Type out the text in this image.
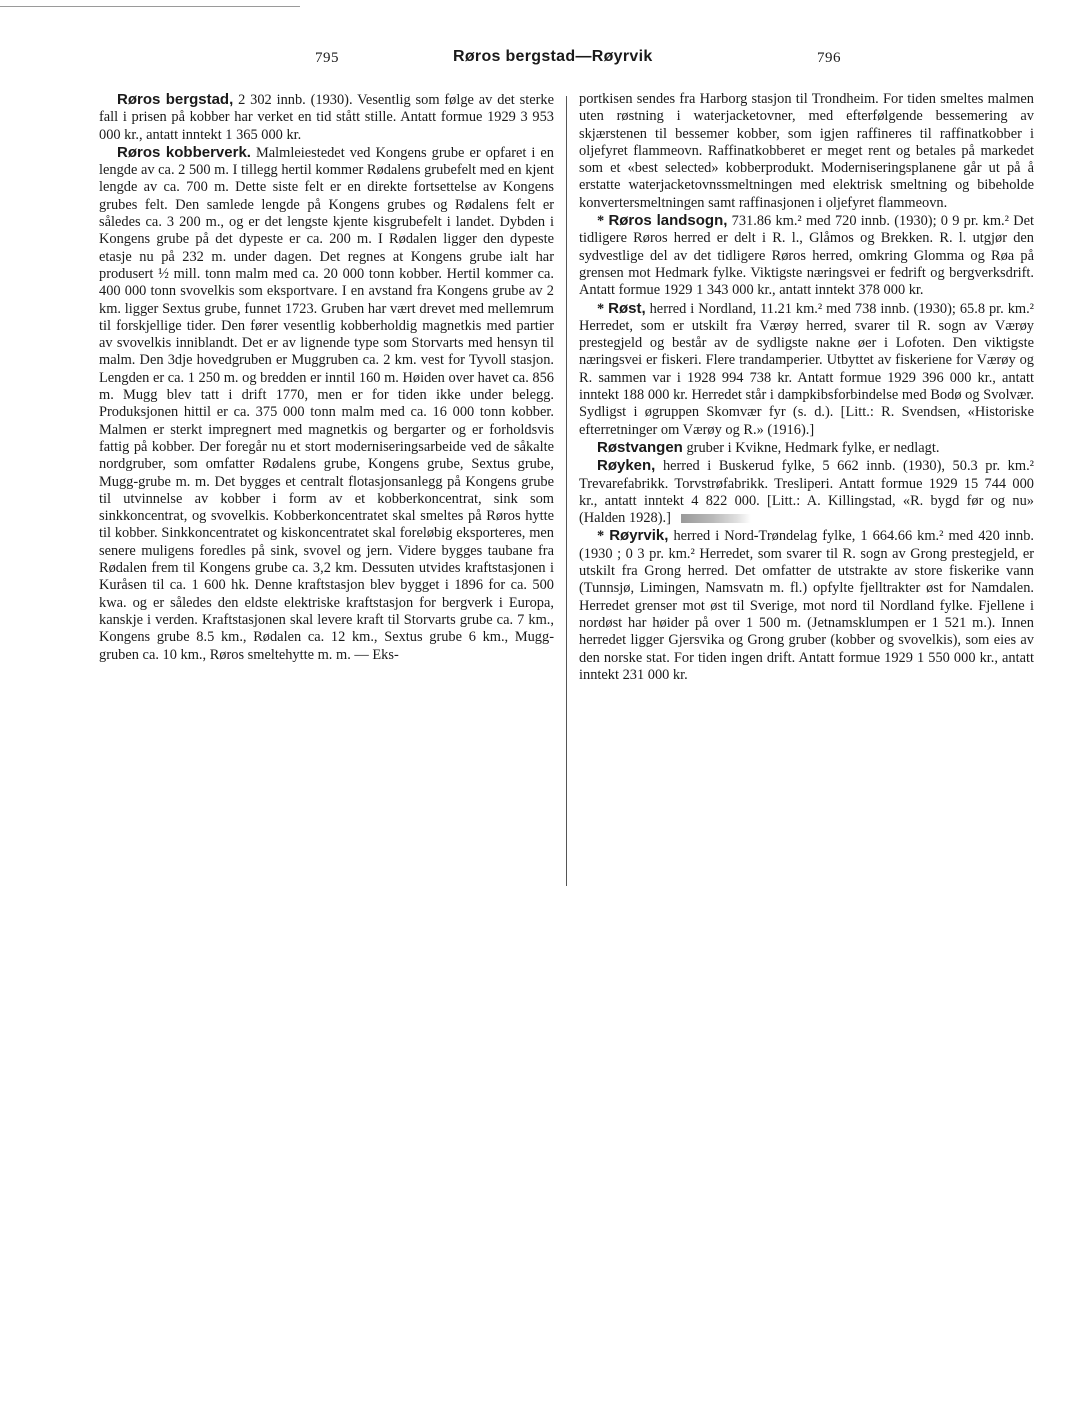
795	Røros bergstad—Røyrvik	796

Røros bergstad, 2 302 innb. (1930). Vesentlig som følge av det sterke fall i prisen på kobber har verket en tid stått stille. Antatt formue 1929 3 953 000 kr., antatt inntekt 1 365 000 kr.

Røros kobberverk. Malmleiestedet ved Kongens grube er opfaret i en lengde av ca. 2 500 m. I tillegg hertil kommer Rødalens grubefelt med en kjent lengde av ca. 700 m. Dette siste felt er en direkte fortsettelse av Kongens grubes felt. Den samlede lengde på Kongens grubes og Rødalens felt er således ca. 3 200 m., og er det lengste kjente kisgrubefelt i landet. Dybden i Kongens grube på det dypeste er ca. 200 m. I Rødalen ligger den dypeste etasje nu på 232 m. under dagen. Det regnes at Kongens grube ialt har produsert ½ mill. tonn malm med ca. 20 000 tonn kobber. Hertil kommer ca. 400 000 tonn svovelkis som eksportvare. I en avstand fra Kongens grube av 2 km. ligger Sextus grube, funnet 1723. Gruben har vært drevet med mellemrum til forskjellige tider. Den fører vesentlig kobberholdig magnetkis med partier av svovelkis inniblandt. Det er av lignende type som Storvarts med hensyn til malm. Den 3dje hovedgruben er Muggruben ca. 2 km. vest for Tyvoll stasjon. Lengden er ca. 1 250 m. og bredden er inntil 160 m. Høiden over havet ca. 856 m. Mugg blev tatt i drift 1770, men er for tiden ikke under belegg. Produksjonen hittil er ca. 375 000 tonn malm med ca. 16 000 tonn kobber. Malmen er sterkt impregnert med magnetkis og bergarter og er forholdsvis fattig på kobber. Der foregår nu et stort moderniseringsarbeide ved de såkalte nordgruber, som omfatter Rødalens grube, Kongens grube, Sextus grube, Mugg-grube m. m. Det bygges et centralt flotasjonsanlegg på Kongens grube til utvinnelse av kobber i form av et kobberkoncentrat, sink som sinkkoncentrat, og svovelkis. Kobberkoncentratet skal smeltes på Røros hytte til kobber. Sinkkoncentratet og kiskoncentratet skal foreløbig eksporteres, men senere muligens foredles på sink, svovel og jern. Videre bygges taubane fra Rødalen frem til Kongens grube ca. 3,2 km. Dessuten utvides kraftstasjonen i Kuråsen til ca. 1 600 hk. Denne kraftstasjon blev bygget i 1896 for ca. 500 kwa. og er således den eldste elektriske kraftstasjon for bergverk i Europa, kanskje i verden. Kraftstasjonen skal levere kraft til Storvarts grube ca. 7 km., Kongens grube 8.5 km., Rødalen ca. 12 km., Sextus grube 6 km., Mugg-gruben ca. 10 km., Røros smeltehytte m. m. — Eks-

portkisen sendes fra Harborg stasjon til Trondheim. For tiden smeltes malmen uten røstning i waterjacketovner, med efterfølgende bessemering av skjærstenen til bessemer kobber, som igjen raffineres til raffinatkobber i oljefyret flammeovn. Raffinatkobberet er meget rent og betales på markedet som et «best selected» kobberprodukt. Moderniseringsplanene går ut på å erstatte waterjacketovnssmeltningen med elektrisk smeltning og bibeholde konvertersmeltningen samt raffinasjonen i oljefyret flammeovn.

* Røros landsogn, 731.86 km.² med 720 innb. (1930); 0 9 pr. km.² Det tidligere Røros herred er delt i R. l., Glåmos og Brekken. R. l. utgjør den sydvestlige del av det tidligere Røros herred, omkring Glomma og Røa på grensen mot Hedmark fylke. Viktigste næringsvei er fedrift og bergverksdrift. Antatt formue 1929 1 343 000 kr., antatt inntekt 378 000 kr.

* Røst, herred i Nordland, 11.21 km.² med 738 innb. (1930); 65.8 pr. km.² Herredet, som er utskilt fra Værøy herred, svarer til R. sogn av Værøy prestegjeld og består av de sydligste nakne øer i Lofoten. Den viktigste næringsvei er fiskeri. Flere trandamperier. Utbyttet av fiskeriene for Værøy og R. sammen var i 1928 994 738 kr. Antatt formue 1929 396 000 kr., antatt inntekt 188 000 kr. Herredet står i dampkibsforbindelse med Bodø og Svolvær. Sydligst i øgruppen Skomvær fyr (s. d.). [Litt.: R. Svendsen, «Historiske efterretninger om Værøy og R.» (1916).]

Røstvangen gruber i Kvikne, Hedmark fylke, er nedlagt.

Røyken, herred i Buskerud fylke, 5 662 innb. (1930), 50.3 pr. km.² Trevarefabrikk. Torvstrøfabrikk. Tresliperi. Antatt formue 1929 15 744 000 kr., antatt inntekt 4 822 000. [Litt.: A. Killingstad, «R. bygd før og nu» (Halden 1928).]

* Røyrvik, herred i Nord-Trøndelag fylke, 1 664.66 km.² med 420 innb. (1930 ; 0 3 pr. km.² Herredet, som svarer til R. sogn av Grong prestegjeld, er utskilt fra Grong herred. Det omfatter de utstrakte av store fiskerike vann (Tunnsjø, Limingen, Namsvatn m. fl.) opfylte fjelltrakter øst for Namdalen. Herredet grenser mot øst til Sverige, mot nord til Nordland fylke. Fjellene i nordøst har høider på over 1 500 m. (Jetnamsklumpen er 1 521 m.). Innen herredet ligger Gjersvika og Grong gruber (kobber og svovelkis), som eies av den norske stat. For tiden ingen drift. Antatt formue 1929 1 550 000 kr., antatt inntekt 231 000 kr.
